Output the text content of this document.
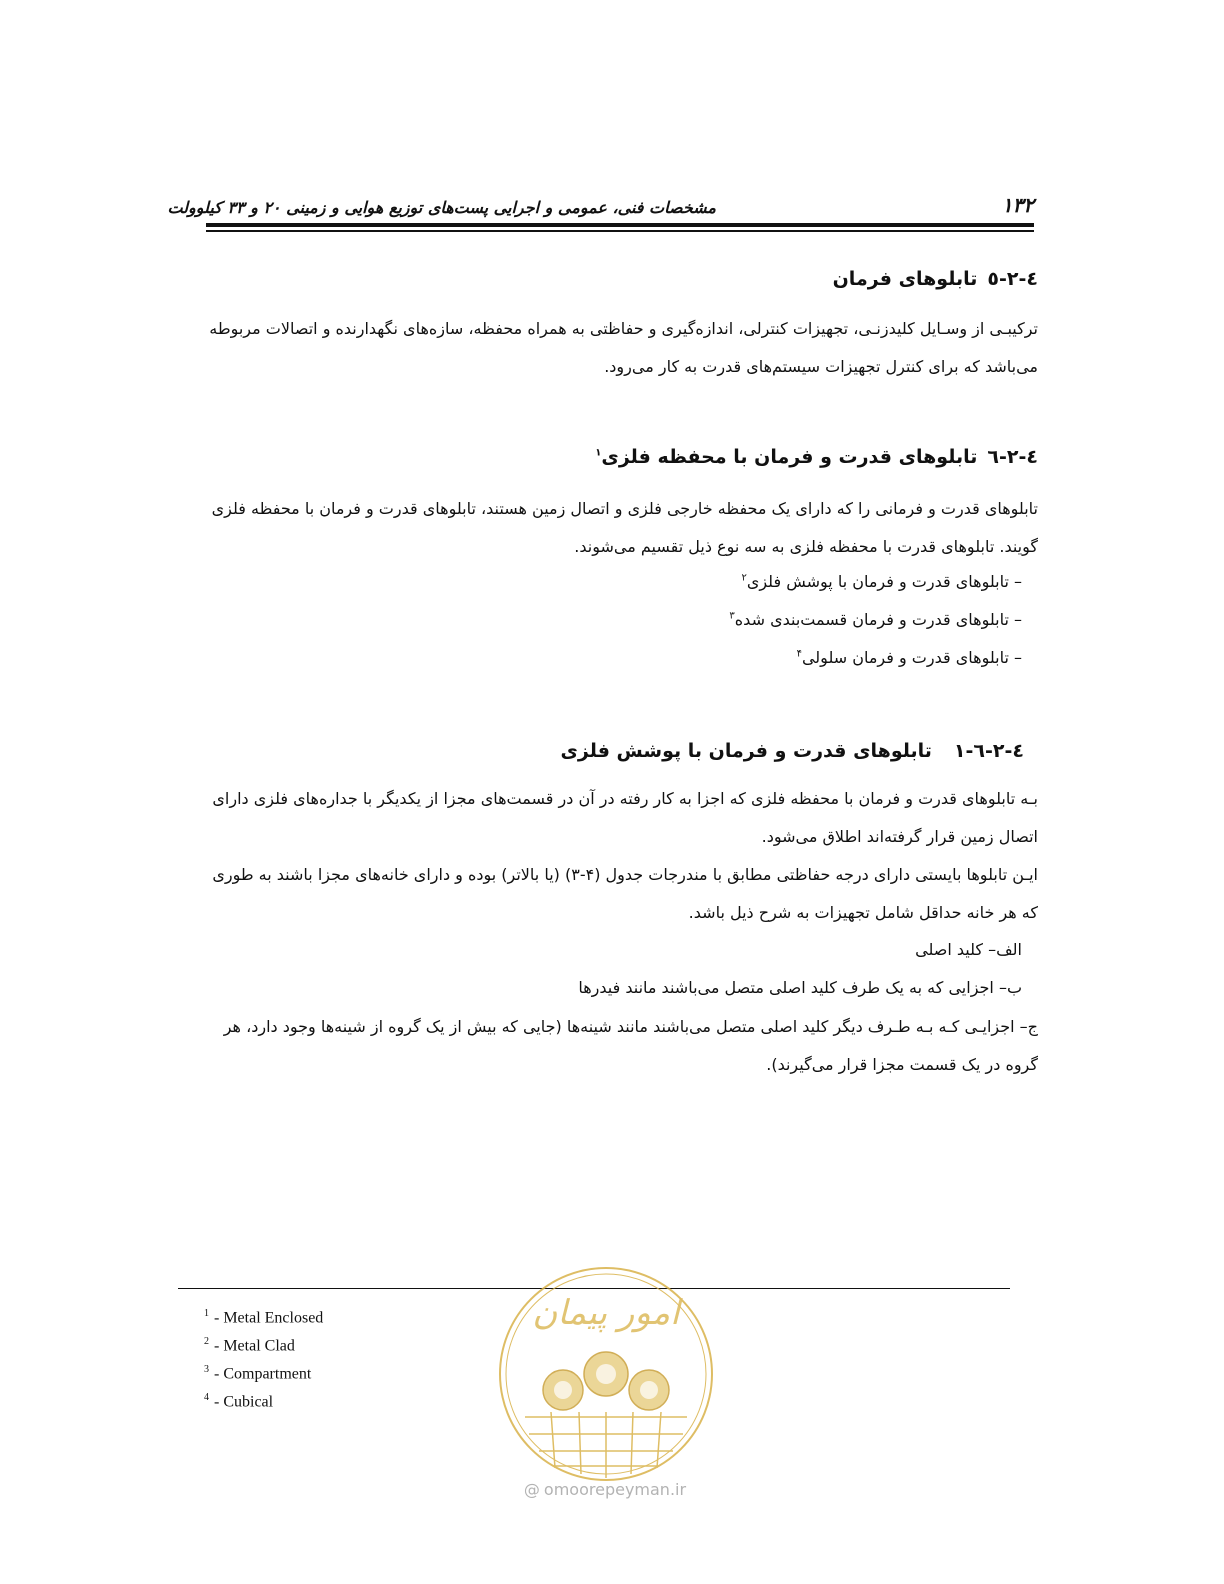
مشخصات فنی، عمومی و اجرایی پست‌های توزیع هوایی و زمینی ۲۰ و ۳۳ کیلوولت	۱۳۲
٤-٢-٥تابلوهای فرمان
ترکیبـی از وسـایل کلیدزنـی، تجهیزات کنترلی، اندازه‌گیری و حفاظتی به همراه محفظه، سازه‌های نگهدارنده و اتصالات مربوطه
می‌باشد که برای کنترل تجهیزات سیستم‌های قدرت به کار می‌رود.
٤-٢-٦تابلوهای قدرت و فرمان با محفظه فلزی$^۱$
تابلوهای قدرت و فرمانی را که دارای یک محفظه خارجی فلزی و اتصال زمین هستند، تابلوهای قدرت و فرمان با محفظه فلزی
گویند. تابلوهای قدرت با محفظه فلزی به سه نوع ذیل تقسیم می‌شوند.
– تابلوهای قدرت و فرمان با پوشش فلزی$^۲$
– تابلوهای قدرت و فرمان قسمت‌بندی شده$^۳$
– تابلوهای قدرت و فرمان سلولی$^۴$
٤-٢-٦-١تابلوهای قدرت و فرمان با پوشش فلزی
بـه تابلوهای قدرت و فرمان با محفظه فلزی که اجزا به کار رفته در آن در قسمت‌های مجزا از یکدیگر با جداره‌های فلزی دارای
اتصال زمین قرار گرفته‌اند اطلاق می‌شود.
ایـن تابلوها بایستی دارای درجه حفاظتی مطابق با مندرجات جدول (۴-۳) (یا بالاتر) بوده و دارای خانه‌های مجزا باشند به طوری
که هر خانه حداقل شامل تجهیزات به شرح ذیل باشد.
الف– کلید اصلی
ب– اجزایی که به یک طرف کلید اصلی متصل می‌باشند مانند فیدرها
ج– اجزایـی کـه بـه طـرف دیگر کلید اصلی متصل می‌باشند مانند شینه‌ها (جایی که بیش از یک گروه از شینه‌ها وجود دارد، هر
گروه در یک قسمت مجزا قرار می‌گیرند).
$^1$ - Metal Enclosed
$^2$ - Metal Clad
$^3$ - Compartment
$^4$ - Cubical
امور پیمان
@ omoorepeyman.ir
